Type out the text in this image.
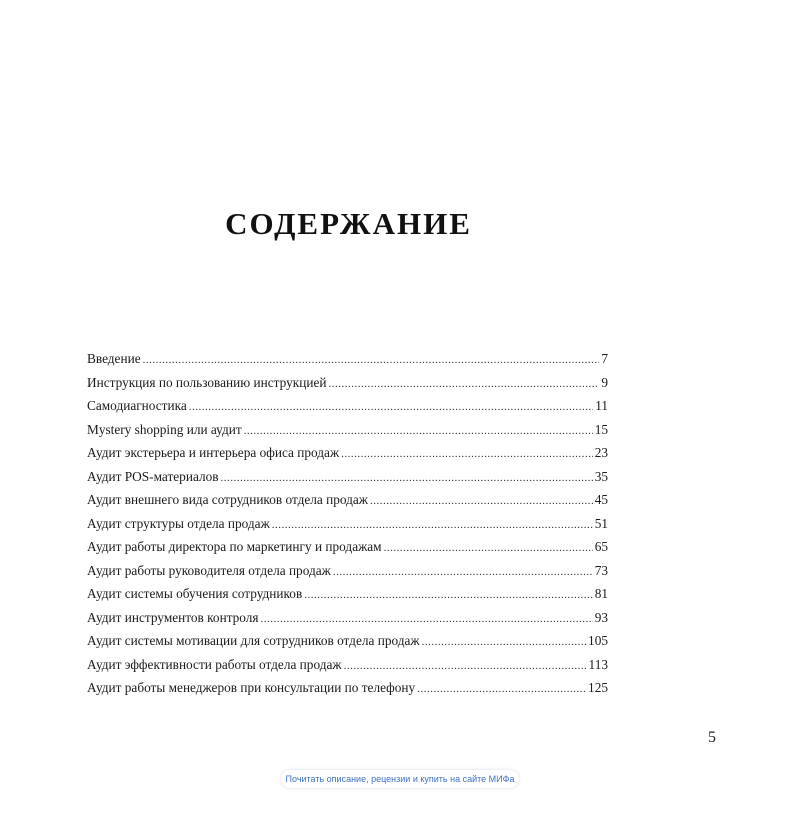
СОДЕРЖАНИЕ
Введение .....	7
Инструкция по пользованию инструкцией .....	9
Самодиагностика .....	11
Mystery shopping или аудит .....	15
Аудит экстерьера и интерьера офиса продаж .....	23
Аудит POS-материалов .....	35
Аудит внешнего вида сотрудников отдела продаж .....	45
Аудит структуры отдела продаж .....	51
Аудит работы директора по маркетингу и продажам .....	65
Аудит работы руководителя отдела продаж .....	73
Аудит системы обучения сотрудников .....	81
Аудит инструментов контроля .....	93
Аудит системы мотивации для сотрудников отдела продаж .....	105
Аудит эффективности работы отдела продаж .....	113
Аудит работы менеджеров при консультации по телефону .....	125
5
Почитать описание, рецензии и купить на сайте МИФа
